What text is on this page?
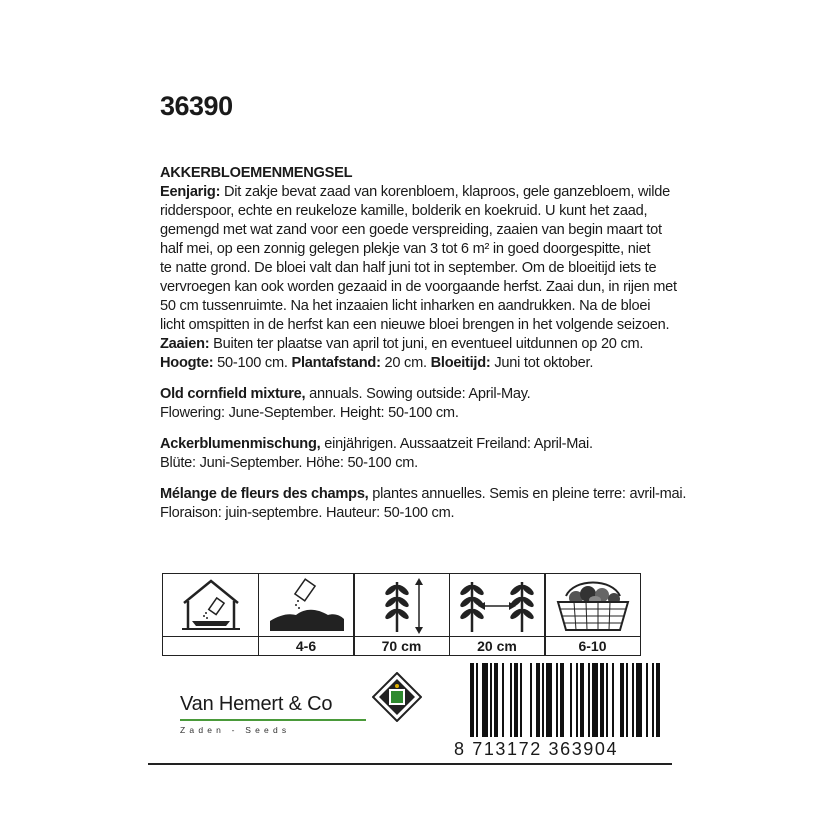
36390

AKKERBLOEMENMENGSEL

Eenjarig: Dit zakje bevat zaad van korenbloem, klaproos, gele ganzebloem, wilde

ridderspoor, echte en reukeloze kamille, bolderik en koekruid. U kunt het zaad,

gemengd met wat zand voor een goede verspreiding, zaaien van begin maart tot

half mei, op een zonnig gelegen plekje van 3 tot 6 m² in goed doorgespitte, niet

te natte grond. De bloei valt dan half juni tot in september. Om de bloeitijd iets te

vervroegen kan ook worden gezaaid in de voorgaande herfst. Zaai dun, in rijen met

50 cm tussenruimte. Na het inzaaien licht inharken en aandrukken. Na de bloei

licht omspitten in de herfst kan een nieuwe bloei brengen in het volgende seizoen.

Zaaien: Buiten ter plaatse van april tot juni, en eventueel uitdunnen op 20 cm.

Hoogte: 50-100 cm. Plantafstand: 20 cm. Bloeitijd: Juni tot oktober.

Old cornfield mixture, annuals. Sowing outside: April-May.

Flowering: June-September. Height: 50-100 cm.

Ackerblumenmischung, einjährigen. Aussaatzeit Freiland: April-Mai.

Blüte: Juni-September. Höhe: 50-100 cm.

Mélange de fleurs des champs, plantes annuelles. Semis en pleine terre: avril-mai.

Floraison: juin-septembre. Hauteur: 50-100 cm.

4-6	70 cm	20 cm	6-10
Van Hemert & Co
Zaden - Seeds
8 713172 363904
